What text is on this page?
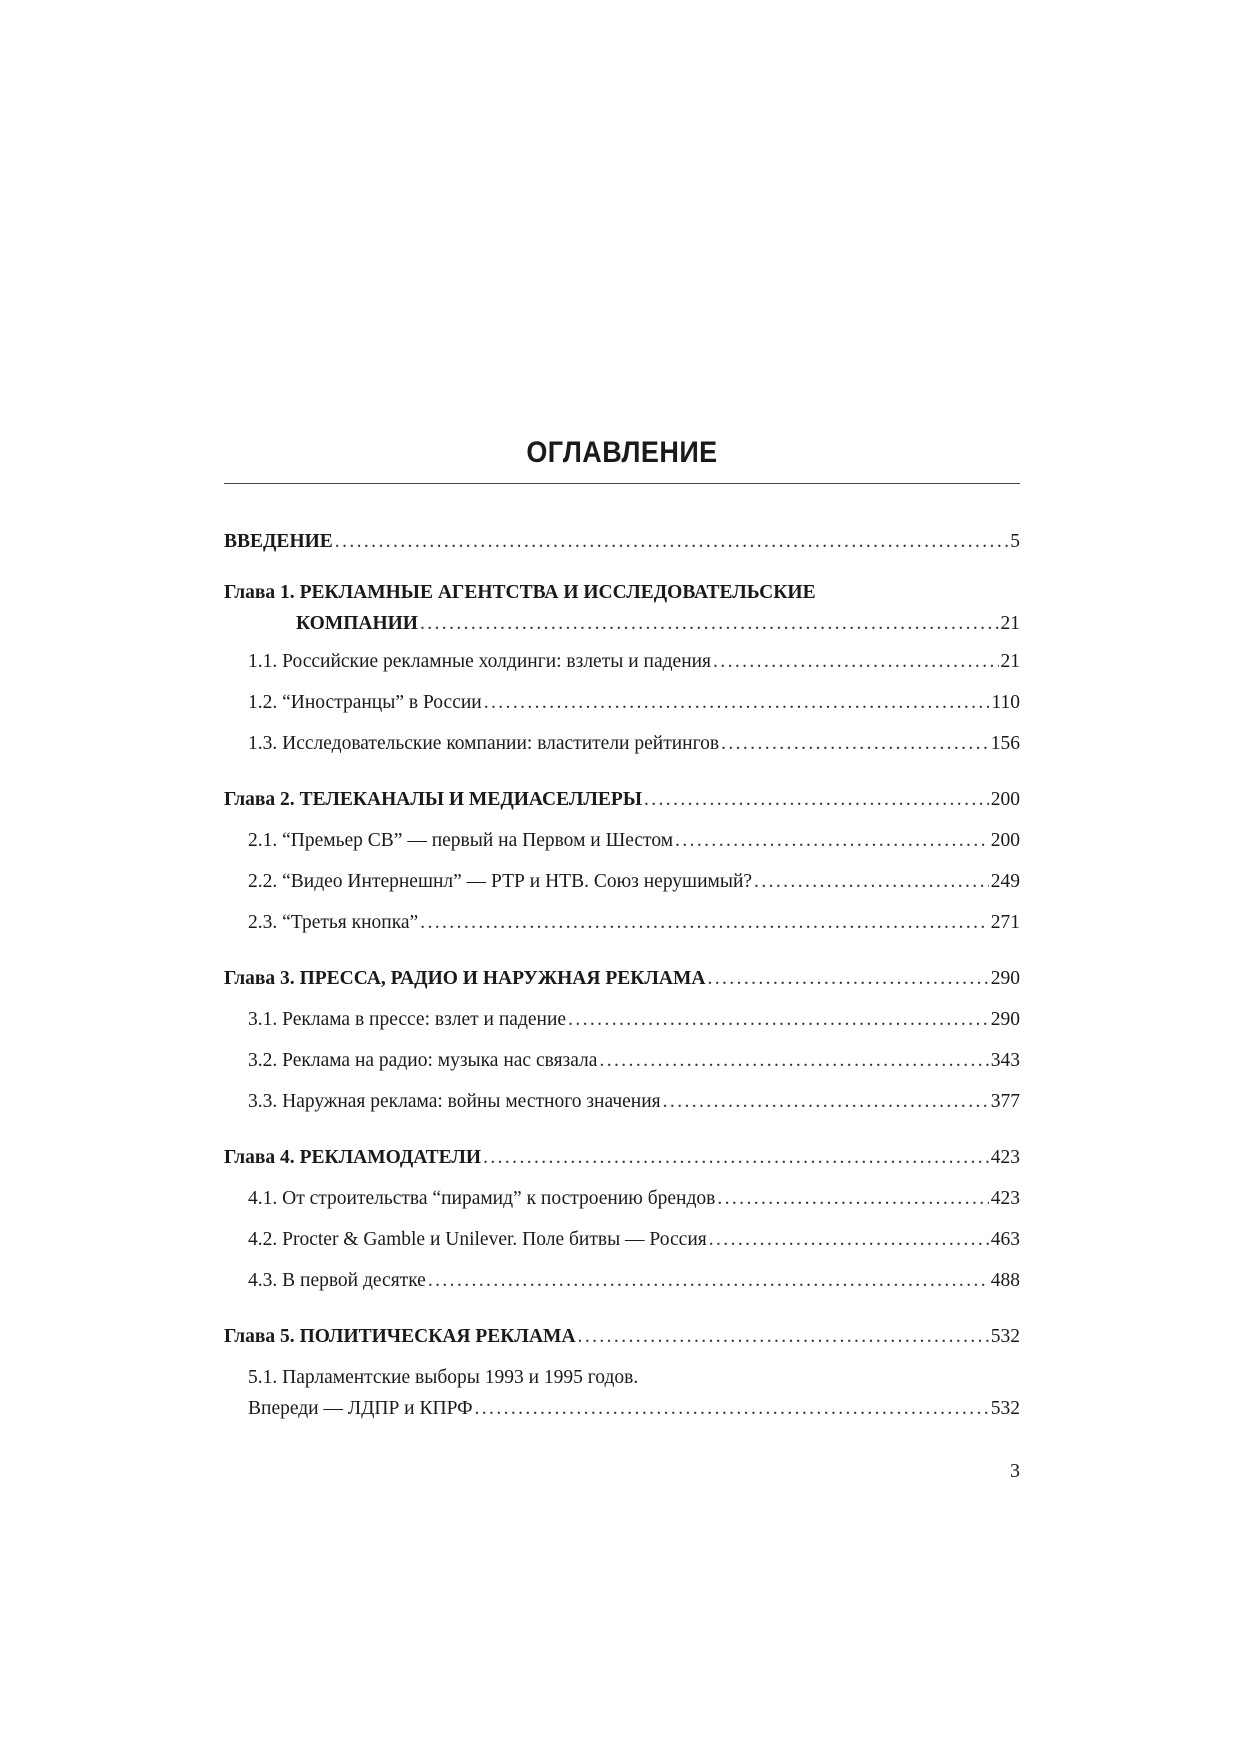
ОГЛАВЛЕНИЕ
ВВЕДЕНИЕ .....	5
Глава 1. РЕКЛАМНЫЕ АГЕНТСТВА И ИССЛЕДОВАТЕЛЬСКИЕ
КОМПАНИИ .....	21
1.1. Российские рекламные холдинги: взлеты и падения .....	21
1.2. “Иностранцы” в России .....	110
1.3. Исследовательские компании: властители рейтингов .....	156
Глава 2. ТЕЛЕКАНАЛЫ И МЕДИАСЕЛЛЕРЫ .....	200
2.1. “Премьер СВ” — первый на Первом и Шестом .....	200
2.2. “Видео Интернешнл” — РТР и НТВ. Союз нерушимый? .....	249
2.3. “Третья кнопка” .....	271
Глава 3. ПРЕССА, РАДИО И НАРУЖНАЯ РЕКЛАМА .....	290
3.1. Реклама в прессе: взлет и падение .....	290
3.2. Реклама на радио: музыка нас связала .....	343
3.3. Наружная реклама: войны местного значения .....	377
Глава 4. РЕКЛАМОДАТЕЛИ .....	423
4.1. От строительства “пирамид” к построению брендов .....	423
4.2. Procter & Gamble и Unilever. Поле битвы — Россия .....	463
4.3. В первой десятке .....	488
Глава 5. ПОЛИТИЧЕСКАЯ РЕКЛАМА .....	532
5.1. Парламентские выборы 1993 и 1995 годов.
Впереди — ЛДПР и КПРФ .....	532
3
